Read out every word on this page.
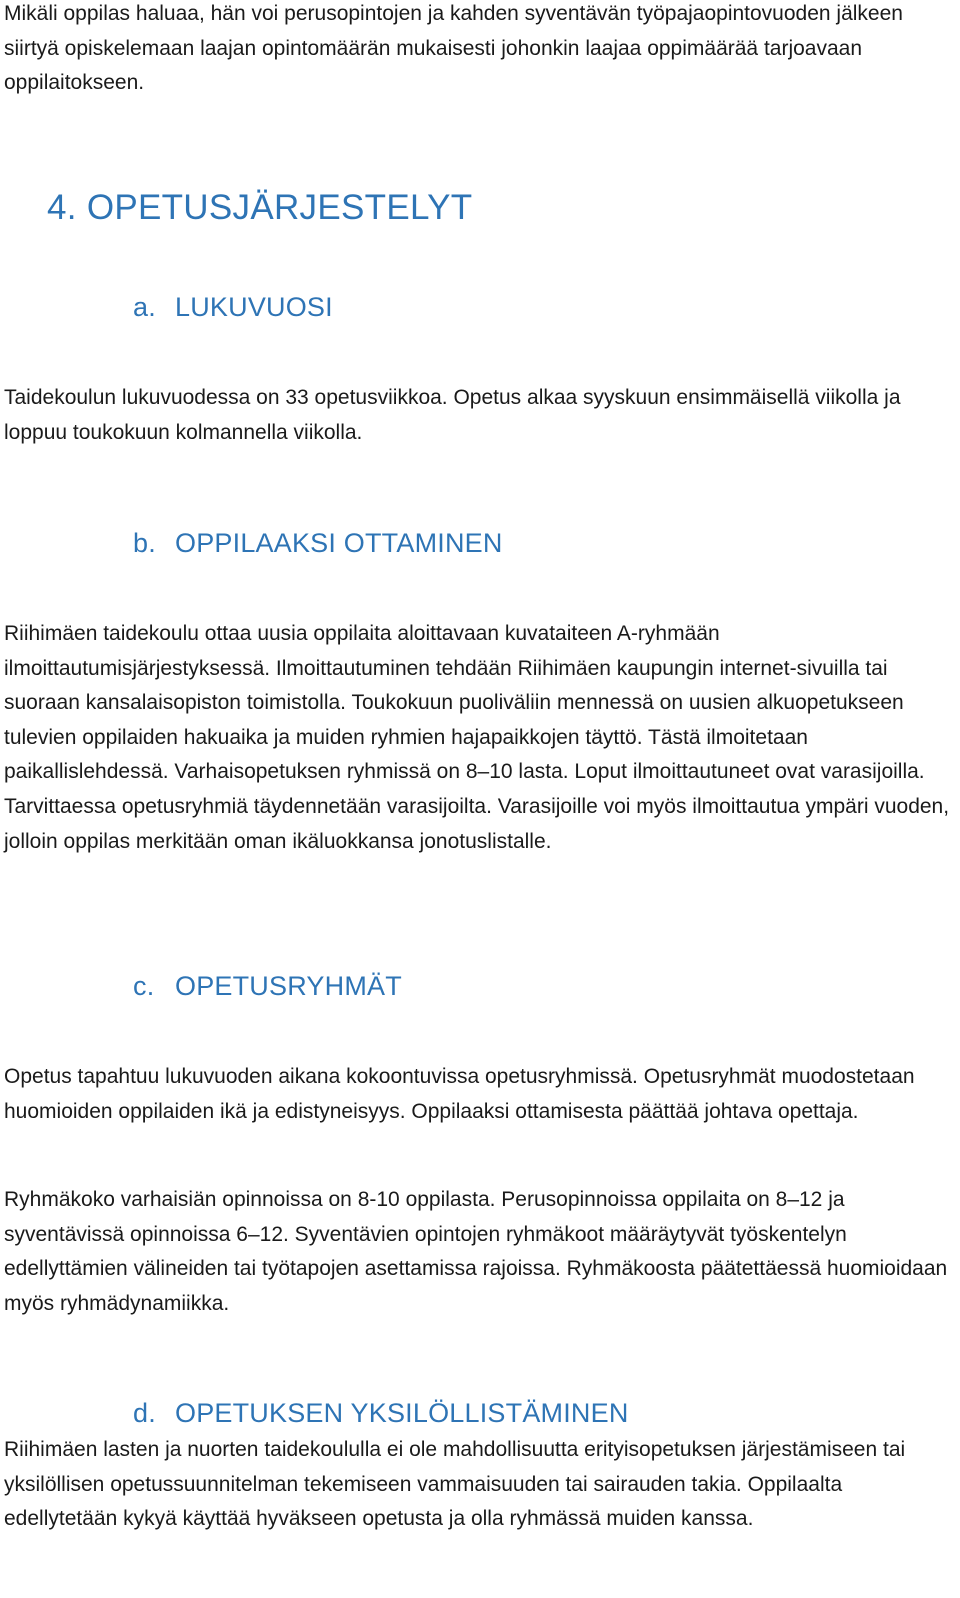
Mikäli oppilas haluaa, hän voi perusopintojen ja kahden syventävän työpajaopintovuoden jälkeen siirtyä opiskelemaan laajan opintomäärän mukaisesti johonkin laajaa oppimäärää tarjoavaan oppilaitokseen.

4. OPETUSJÄRJESTELYT
a. LUKUVUOSI

Taidekoulun lukuvuodessa on 33 opetusviikkoa. Opetus alkaa syyskuun ensimmäisellä viikolla ja loppuu toukokuun kolmannella viikolla.

b. OPPILAAKSI OTTAMINEN

Riihimäen taidekoulu ottaa uusia oppilaita aloittavaan kuvataiteen A-ryhmään ilmoittautumisjärjestyksessä. Ilmoittautuminen tehdään Riihimäen kaupungin internet-sivuilla tai suoraan kansalaisopiston toimistolla. Toukokuun puoliväliin mennessä on uusien alkuopetukseen tulevien oppilaiden hakuaika ja muiden ryhmien hajapaikkojen täyttö. Tästä ilmoitetaan paikallislehdessä. Varhaisopetuksen ryhmissä on 8–10 lasta. Loput ilmoittautuneet ovat varasijoilla. Tarvittaessa opetusryhmiä täydennetään varasijoilta. Varasijoille voi myös ilmoittautua ympäri vuoden, jolloin oppilas merkitään oman ikäluokkansa jonotuslistalle.

c. OPETUSRYHMÄT

Opetus tapahtuu lukuvuoden aikana kokoontuvissa opetusryhmissä. Opetusryhmät muodostetaan huomioiden oppilaiden ikä ja edistyneisyys. Oppilaaksi ottamisesta päättää johtava opettaja.

Ryhmäkoko varhaisiän opinnoissa on 8-10 oppilasta. Perusopinnoissa oppilaita on 8–12 ja syventävissä opinnoissa 6–12. Syventävien opintojen ryhmäkoot määräytyvät työskentelyn edellyttämien välineiden tai työtapojen asettamissa rajoissa. Ryhmäkoosta päätettäessä huomioidaan myös ryhmädynamiikka.

d. OPETUKSEN YKSILÖLLISTÄMINEN

Riihimäen lasten ja nuorten taidekoululla ei ole mahdollisuutta erityisopetuksen järjestämiseen tai yksilöllisen opetussuunnitelman tekemiseen vammaisuuden tai sairauden takia. Oppilaalta edellytetään kykyä käyttää hyväkseen opetusta ja olla ryhmässä muiden kanssa.
